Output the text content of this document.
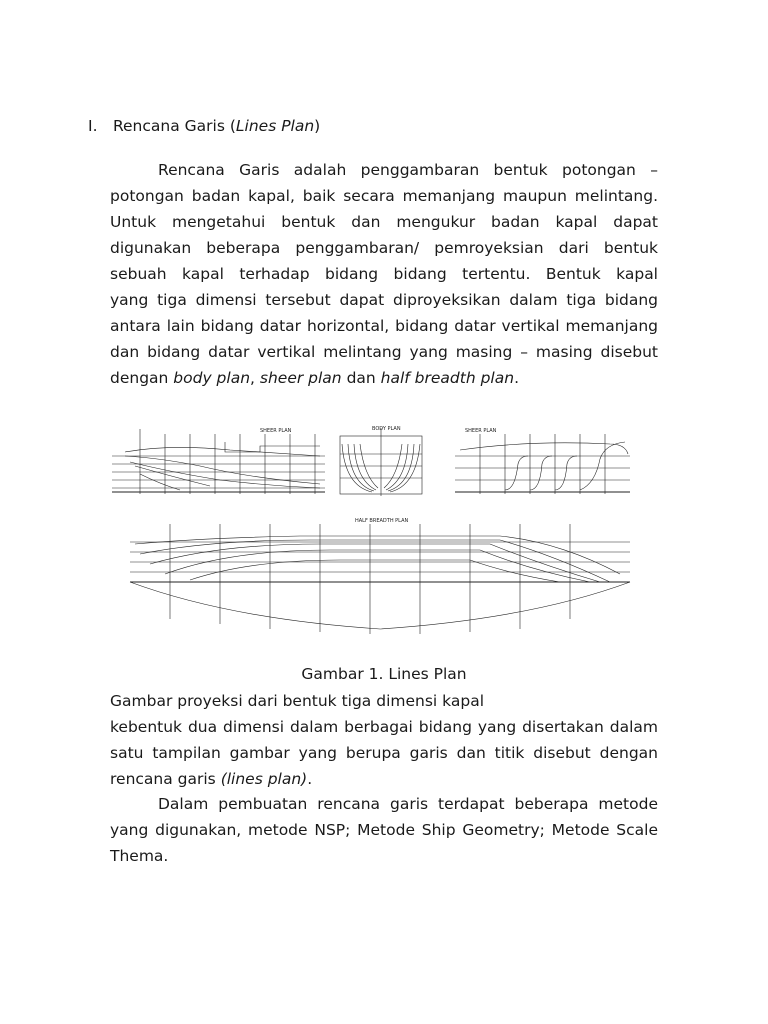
I. Rencana Garis (Lines Plan)
Rencana Garis adalah penggambaran bentuk potongan –
potongan badan kapal, baik secara memanjang maupun melintang.
Untuk mengetahui bentuk dan mengukur badan kapal dapat
digunakan beberapa penggambaran/ pemroyeksian dari bentuk
sebuah kapal terhadap bidang bidang tertentu. Bentuk kapal
yang tiga dimensi tersebut dapat diproyeksikan dalam tiga bidang
antara lain bidang datar horizontal, bidang datar vertikal memanjang
dan bidang datar vertikal melintang yang masing – masing disebut
dengan body plan, sheer plan dan half breadth plan.
SHEER PLAN	BODY PLAN	SHEER PLAN
HALF BREADTH PLAN
Gambar 1. Lines Plan
Gambar proyeksi dari bentuk tiga dimensi kapal
kebentuk dua dimensi dalam berbagai bidang yang disertakan dalam
satu tampilan gambar yang berupa garis dan titik disebut dengan
rencana garis (lines plan).
Dalam pembuatan rencana garis terdapat beberapa metode
yang digunakan, metode NSP; Metode Ship Geometry; Metode Scale
Thema.
